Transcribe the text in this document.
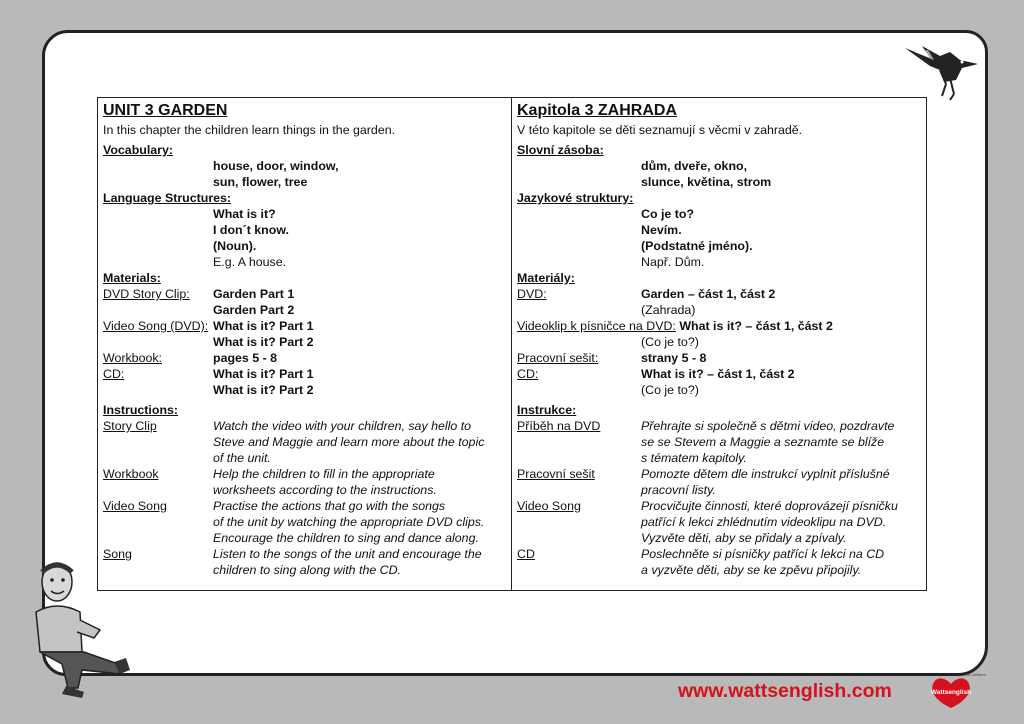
UNIT 3 GARDEN
In this chapter the children learn things in the garden.
Vocabulary:
house, door, window,
sun, flower, tree
Language Structures:
What is it?
I don´t know.
(Noun).
E.g. A house.
Materials:
DVD Story Clip:	Garden Part 1
Garden Part 2
Video Song (DVD): What is it? Part 1
What is it? Part 2
Workbook:	pages 5 - 8
CD:	What is it? Part 1
What is it? Part 2
Instructions:
Story Clip	Watch the video with your children, say hello to
Steve and Maggie and learn more about the topic
of the unit.
Workbook	Help the children to fill in the appropriate
worksheets according to the instructions.
Video Song	Practise the actions that go with the songs
of the unit by watching the appropriate DVD clips.
Encourage the children to sing and dance along.
Song	Listen to the songs of the unit and encourage the
children to sing along with the CD.
Kapitola 3 ZAHRADA
V této kapitole se děti seznamují s věcmi v zahradě.
Slovní zásoba:
dům, dveře, okno,
slunce, květina, strom
Jazykové struktury:
Co je to?
Nevím.
(Podstatné jméno).
Např. Dům.
Materiály:
DVD:	Garden – část 1, část 2
(Zahrada)
Videoklip k písničce na DVD: What is it? – část 1, část 2
(Co je to?)
Pracovní sešit:	strany 5 - 8
CD:	What is it? – část 1, část 2
(Co je to?)
Instrukce:
Příběh na DVD	Přehrajte si společně s dětmi video, pozdravte
se se Stevem a Maggie a seznamte se blíže
s tématem kapitoly.
Pracovní sešit	Pomozte dětem dle instrukcí vyplnit příslušné
pracovní listy.
Video Song	Procvičujte činnosti, které doprovázejí písničku
patřící k lekci zhlédnutím videoklipu na DVD.
Vyzvěte děti, aby se přidaly a zpívaly.
CD	Poslechněte si písničky patřící k lekci na CD
a vyzvěte děti, aby se ke zpěvu připojily.
www.wattsenglish.com	Wattsenglish
for children
